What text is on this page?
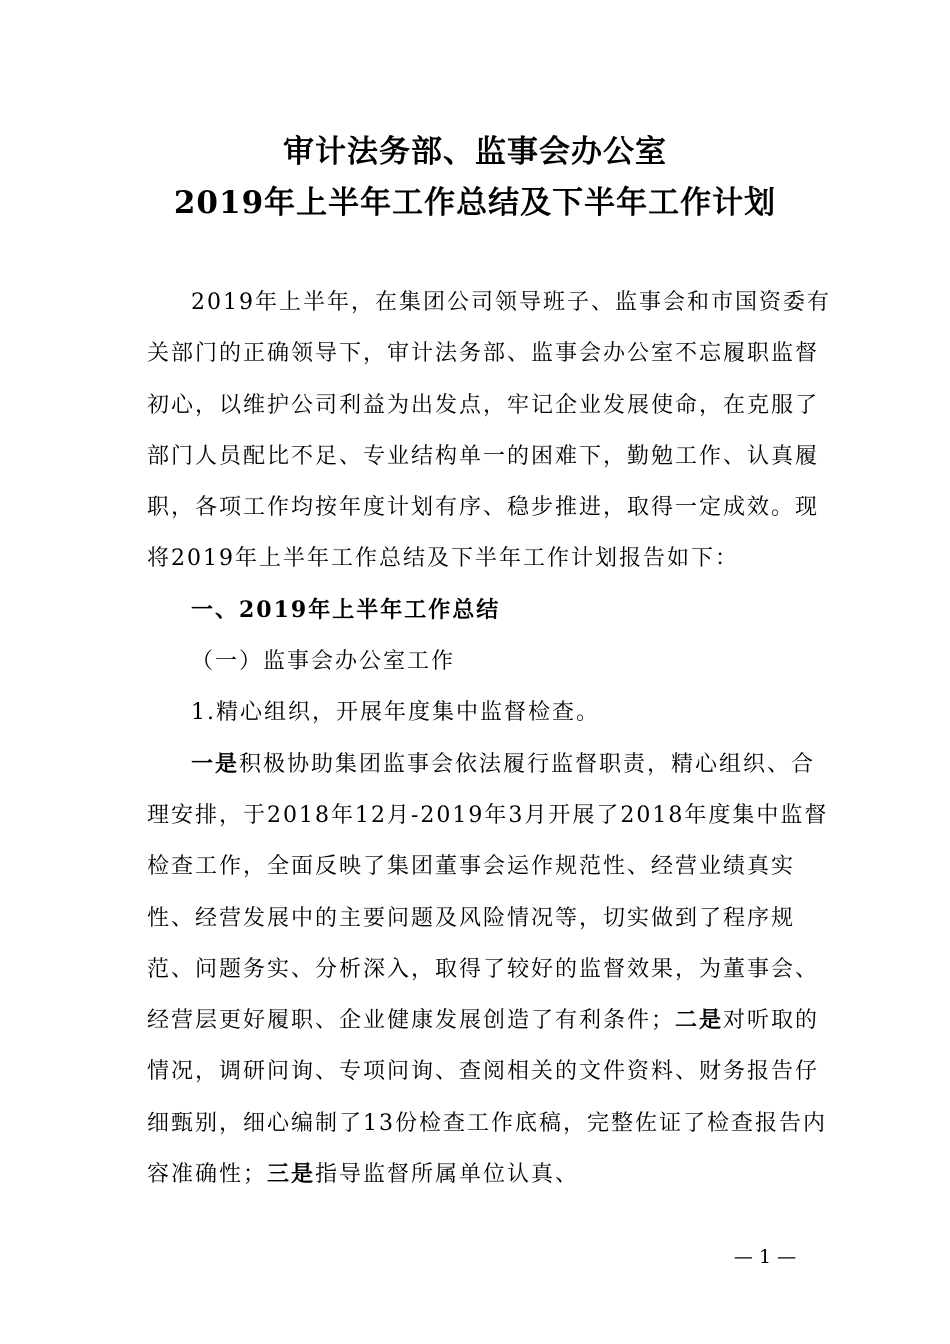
审计法务部、监事会办公室
2019年上半年工作总结及下半年工作计划

2019年上半年，在集团公司领导班子、监事会和市国资委有关部门的正确领导下，审计法务部、监事会办公室不忘履职监督初心，以维护公司利益为出发点，牢记企业发展使命，在克服了部门人员配比不足、专业结构单一的困难下，勤勉工作、认真履职，各项工作均按年度计划有序、稳步推进，取得一定成效。现将2019年上半年工作总结及下半年工作计划报告如下：

一、2019年上半年工作总结

（一）监事会办公室工作

1.精心组织，开展年度集中监督检查。

一是积极协助集团监事会依法履行监督职责，精心组织、合理安排，于2018年12月-2019年3月开展了2018年度集中监督检查工作，全面反映了集团董事会运作规范性、经营业绩真实性、经营发展中的主要问题及风险情况等，切实做到了程序规范、问题务实、分析深入，取得了较好的监督效果，为董事会、经营层更好履职、企业健康发展创造了有利条件；二是对听取的情况，调研问询、专项问询、查阅相关的文件资料、财务报告仔细甄别，细心编制了13份检查工作底稿，完整佐证了检查报告内容准确性；三是指导监督所属单位认真、

— 1 —
